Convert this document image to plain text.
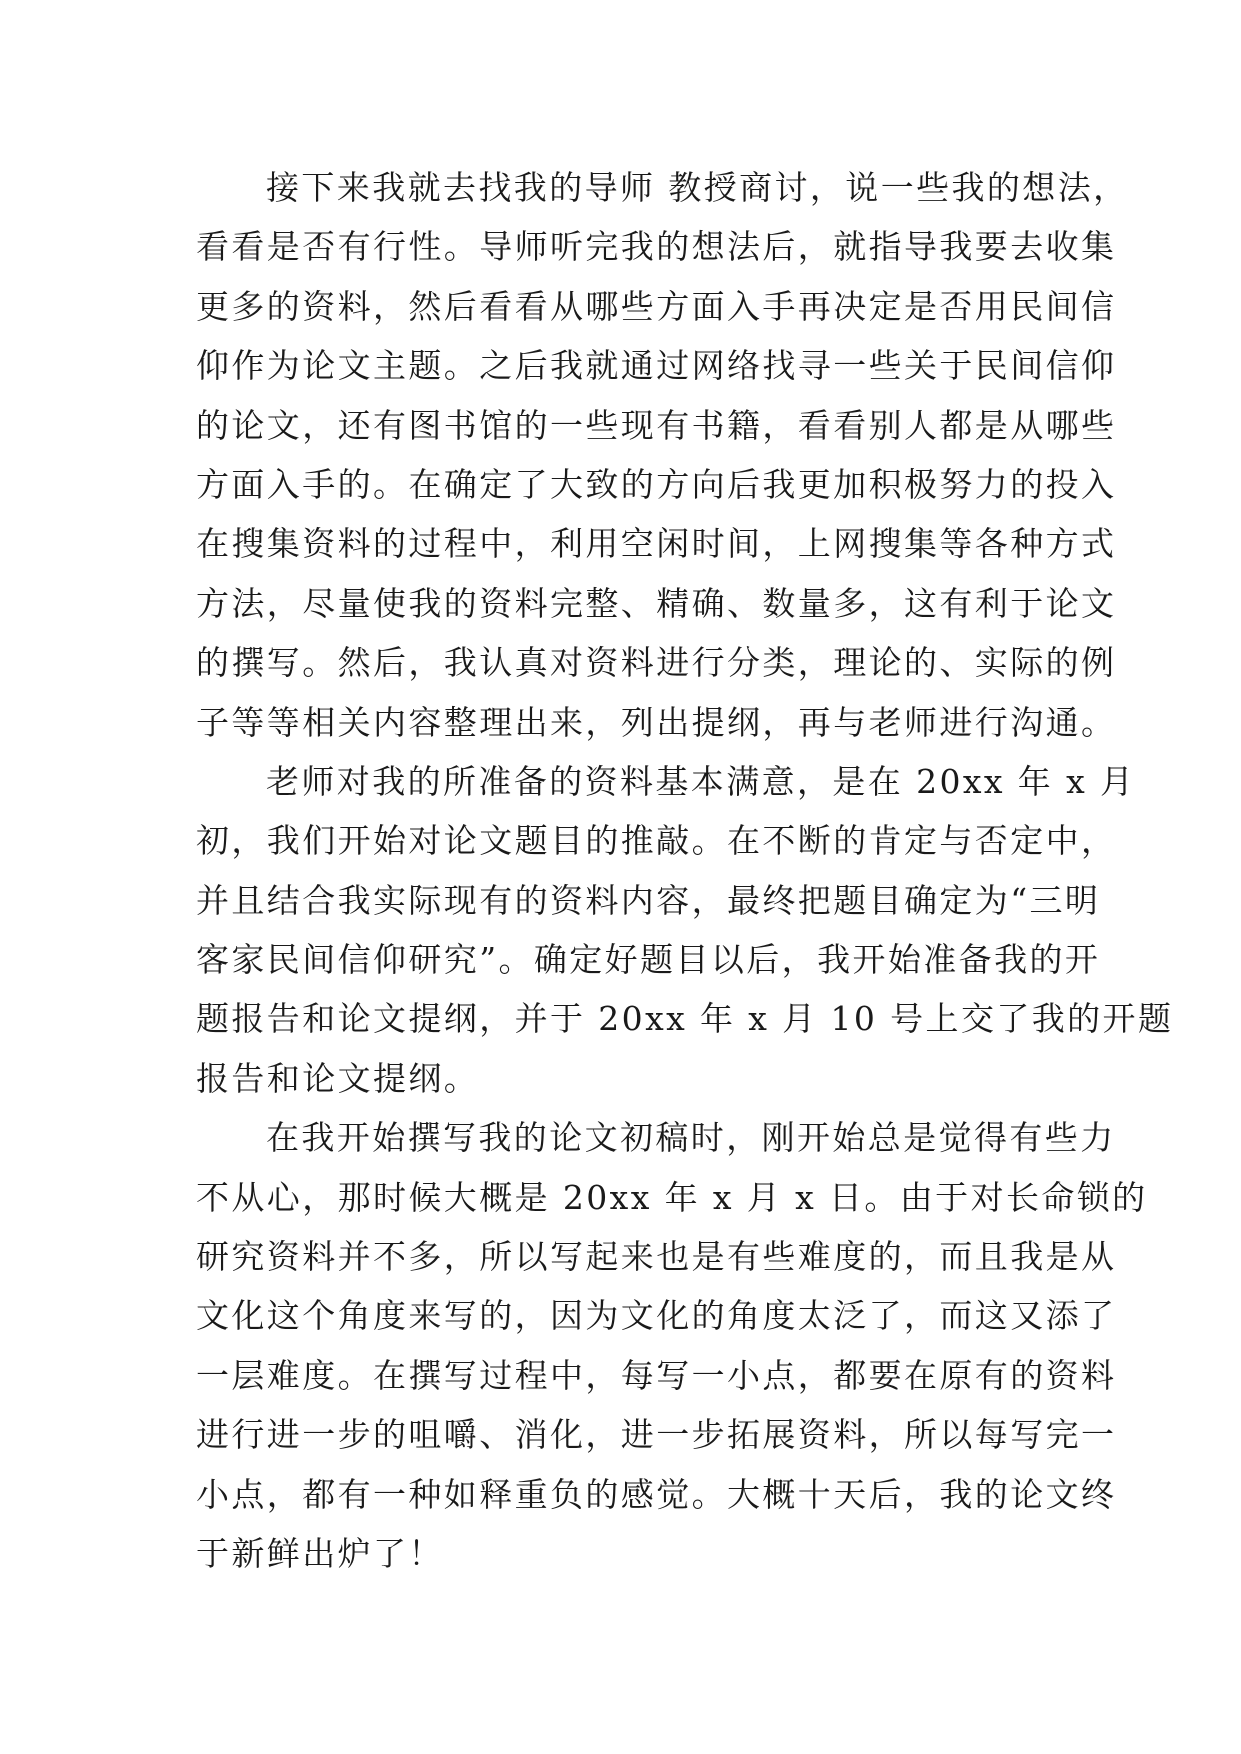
接下来我就去找我的导师 教授商讨，说一些我的想法，
看看是否有行性。导师听完我的想法后，就指导我要去收集
更多的资料，然后看看从哪些方面入手再决定是否用民间信
仰作为论文主题。之后我就通过网络找寻一些关于民间信仰
的论文，还有图书馆的一些现有书籍，看看别人都是从哪些
方面入手的。在确定了大致的方向后我更加积极努力的投入
在搜集资料的过程中，利用空闲时间，上网搜集等各种方式
方法，尽量使我的资料完整、精确、数量多，这有利于论文
的撰写。然后，我认真对资料进行分类，理论的、实际的例
子等等相关内容整理出来，列出提纲，再与老师进行沟通。
老师对我的所准备的资料基本满意，是在 20xx 年 x 月
初，我们开始对论文题目的推敲。在不断的肯定与否定中，
并且结合我实际现有的资料内容，最终把题目确定为“三明
客家民间信仰研究”。确定好题目以后，我开始准备我的开
题报告和论文提纲，并于 20xx 年 x 月 10 号上交了我的开题
报告和论文提纲。
在我开始撰写我的论文初稿时，刚开始总是觉得有些力
不从心，那时候大概是 20xx 年 x 月 x 日。由于对长命锁的
研究资料并不多，所以写起来也是有些难度的，而且我是从
文化这个角度来写的，因为文化的角度太泛了，而这又添了
一层难度。在撰写过程中，每写一小点，都要在原有的资料
进行进一步的咀嚼、消化，进一步拓展资料，所以每写完一
小点，都有一种如释重负的感觉。大概十天后，我的论文终
于新鲜出炉了！
